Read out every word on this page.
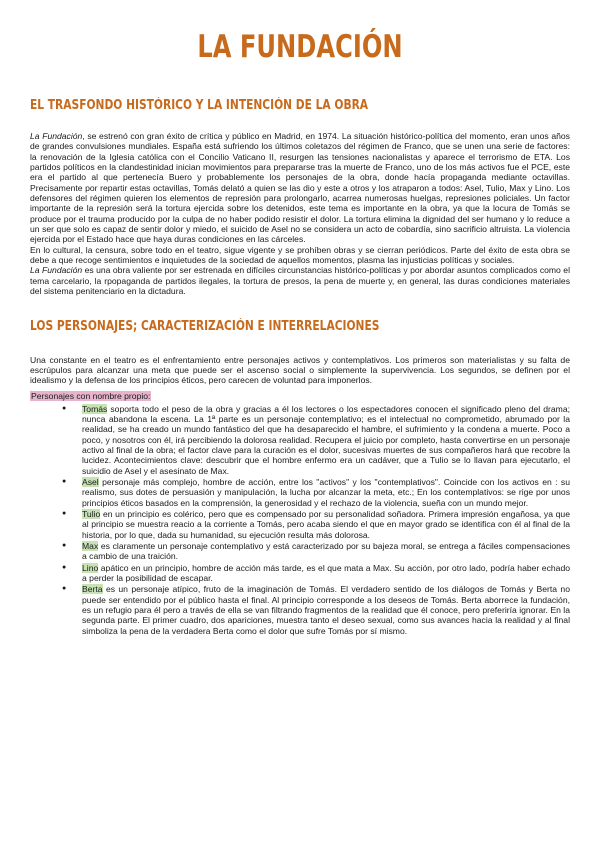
LA FUNDACIÓN
EL TRASFONDO HISTÓRICO Y LA INTENCIÓN DE LA OBRA

La Fundación, se estrenó con gran éxito de crítica y público en Madrid, en 1974. La situación histórico-política del momento, eran unos años de grandes convulsiones mundiales. España está sufriendo los últimos coletazos del régimen de Franco, que se unen una serie de factores: la renovación de la Iglesia católica con el Concilio Vaticano II, resurgen las tensiones nacionalistas y aparece el terrorismo de ETA. Los partidos políticos en la clandestinidad inician movimientos para prepararse tras la muerte de Franco, uno de los más activos fue el PCE, este era el partido al que pertenecía Buero y probablemente los personajes de la obra, donde hacía propaganda mediante octavillas. Precisamente por repartir estas octavillas, Tomás delató a quien se las dio y este a otros y los atraparon a todos: Asel, Tulio, Max y Lino. Los defensores del régimen quieren los elementos de represión para prolongarlo, acarrea numerosas huelgas, represiones policiales. Un factor importante de la represión será la tortura ejercida sobre los detenidos, este tema es importante en la obra, ya que la locura de Tomás se produce por el trauma producido por la culpa de no haber podido resistir el dolor. La tortura elimina la dignidad del ser humano y lo reduce a un ser que solo es capaz de sentir dolor y miedo, el suicido de Asel no se considera un acto de cobardía, sino sacrificio altruista. La violencia ejercida por el Estado hace que haya duras condiciones en las cárceles.

En lo cultural, la censura, sobre todo en el teatro, sigue vigente y se prohíben obras y se cierran periódicos. Parte del éxito de esta obra se debe a que recoge sentimientos e inquietudes de la sociedad de aquellos momentos, plasma las injusticias políticas y sociales.

La Fundación es una obra valiente por ser estrenada en difíciles circunstancias histórico-políticas y por abordar asuntos complicados como el tema carcelario, la rpopaganda de partidos ilegales, la tortura de presos, la pena de muerte y, en general, las duras condiciones materiales del sistema penitenciario en la dictadura.

LOS PERSONAJES; CARACTERIZACIÓN E INTERRELACIONES

Una constante en el teatro es el enfrentamiento entre personajes activos y contemplativos. Los primeros son materialistas y su falta de escrúpulos para alcanzar una meta que puede ser el ascenso social o simplemente la supervivencia. Los segundos, se definen por el idealismo y la defensa de los principios éticos, pero carecen de voluntad para imponerlos.

Personajes con nombre propio:
● Tomás soporta todo el peso de la obra y gracias a él los lectores o los espectadores conocen el significado pleno del drama; nunca abandona la escena. La 1ª parte es un personaje contemplativo; es el intelectual no comprometido, abrumado por la realidad, se ha creado un mundo fantástico del que ha desaparecido el hambre, el sufrimiento y la condena a muerte. Poco a poco, y nosotros con él, irá percibiendo la dolorosa realidad. Recupera el juicio por completo, hasta convertirse en un personaje activo al final de la obra; el factor clave para la curación es el dolor, sucesivas muertes de sus compañeros hará que recobre la lucidez. Acontecimientos clave: descubrir que el hombre enfermo era un cadáver, que a Tulio se lo llavan para ejecutarlo, el suicidio de Asel y el asesinato de Max.
● Asel personaje más complejo, hombre de acción, entre los "activos" y los "contemplativos". Coincide con los activos en : su realismo, sus dotes de persuasión y manipulación, la lucha por alcanzar la meta, etc.; En los contemplativos: se rige por unos principios éticos basados en la comprensión, la generosidad y el rechazo de la violencia, sueña con un mundo mejor.
● Tulio en un principio es colérico, pero que es compensado por su personalidad soñadora. Primera impresión engañosa, ya que al principio se muestra reacio a la corriente a Tomás, pero acaba siendo el que en mayor grado se identifica con él al final de la historia, por lo que, dada su humanidad, su ejecución resulta más dolorosa.
● Max es claramente un personaje contemplativo y está caracterizado por su bajeza moral, se entrega a fáciles compensaciones a cambio de una traición.
● Lino apático en un principio, hombre de acción más tarde, es el que mata a Max. Su acción, por otro lado, podría haber echado a perder la posibilidad de escapar.
● Berta es un personaje atípico, fruto de la imaginación de Tomás. El verdadero sentido de los diálogos de Tomás y Berta no puede ser entendido por el público hasta el final. Al principio corresponde a los deseos de Tomás. Berta aborrece la fundación, es un refugio para él pero a través de ella se van filtrando fragmentos de la realidad que él conoce, pero preferiría ignorar. En la segunda parte. El primer cuadro, dos apariciones, muestra tanto el deseo sexual, como sus avances hacia la realidad y al final simboliza la pena de la verdadera Berta como el dolor que sufre Tomás por sí mismo.
